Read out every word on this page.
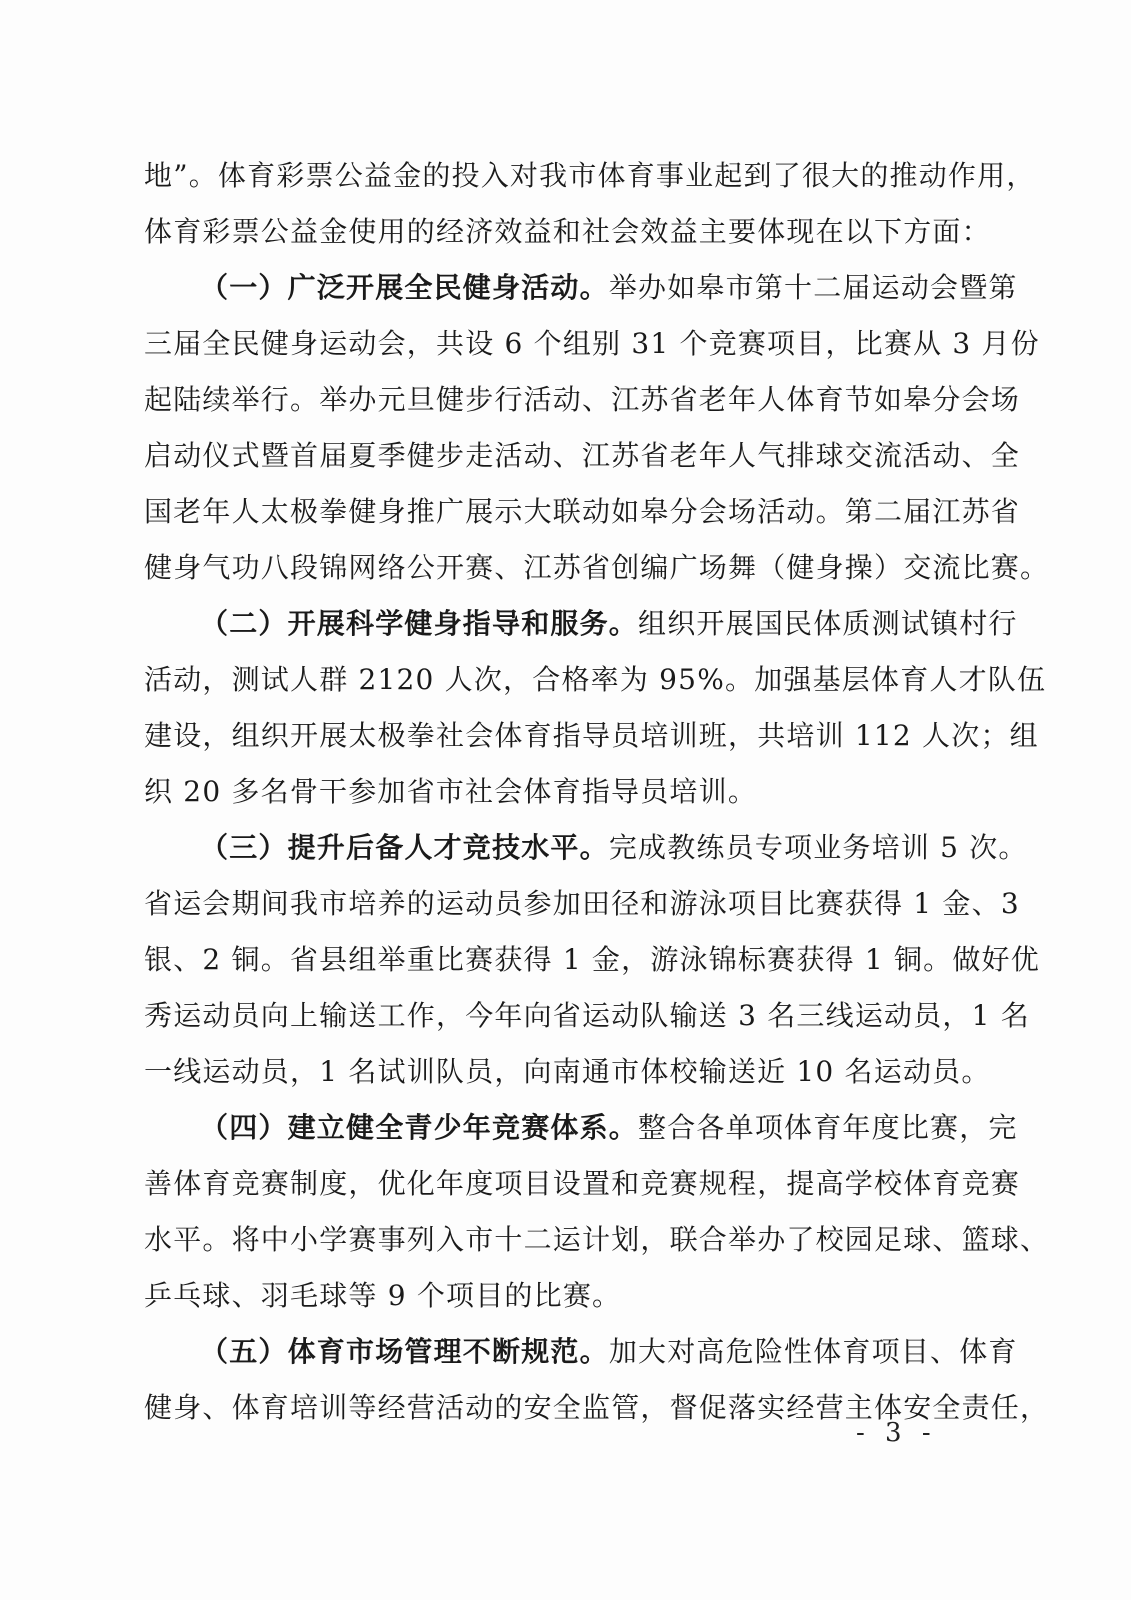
地”。体育彩票公益金的投入对我市体育事业起到了很大的推动作用，
体育彩票公益金使用的经济效益和社会效益主要体现在以下方面：
（一）广泛开展全民健身活动。举办如皋市第十二届运动会暨第
三届全民健身运动会，共设 6 个组别 31 个竞赛项目，比赛从 3 月份
起陆续举行。举办元旦健步行活动、江苏省老年人体育节如皋分会场
启动仪式暨首届夏季健步走活动、江苏省老年人气排球交流活动、全
国老年人太极拳健身推广展示大联动如皋分会场活动。第二届江苏省
健身气功八段锦网络公开赛、江苏省创编广场舞（健身操）交流比赛。
（二）开展科学健身指导和服务。组织开展国民体质测试镇村行
活动，测试人群 2120 人次，合格率为 95%。加强基层体育人才队伍
建设，组织开展太极拳社会体育指导员培训班，共培训 112 人次；组
织 20 多名骨干参加省市社会体育指导员培训。
（三）提升后备人才竞技水平。完成教练员专项业务培训 5 次。
省运会期间我市培养的运动员参加田径和游泳项目比赛获得 1 金、3
银、2 铜。省县组举重比赛获得 1 金，游泳锦标赛获得 1 铜。做好优
秀运动员向上输送工作，今年向省运动队输送 3 名三线运动员，1 名
一线运动员，1 名试训队员，向南通市体校输送近 10 名运动员。
（四）建立健全青少年竞赛体系。整合各单项体育年度比赛，完
善体育竞赛制度，优化年度项目设置和竞赛规程，提高学校体育竞赛
水平。将中小学赛事列入市十二运计划，联合举办了校园足球、篮球、
乒乓球、羽毛球等 9 个项目的比赛。
（五）体育市场管理不断规范。加大对高危险性体育项目、体育
健身、体育培训等经营活动的安全监管，督促落实经营主体安全责任，
- 3 -
